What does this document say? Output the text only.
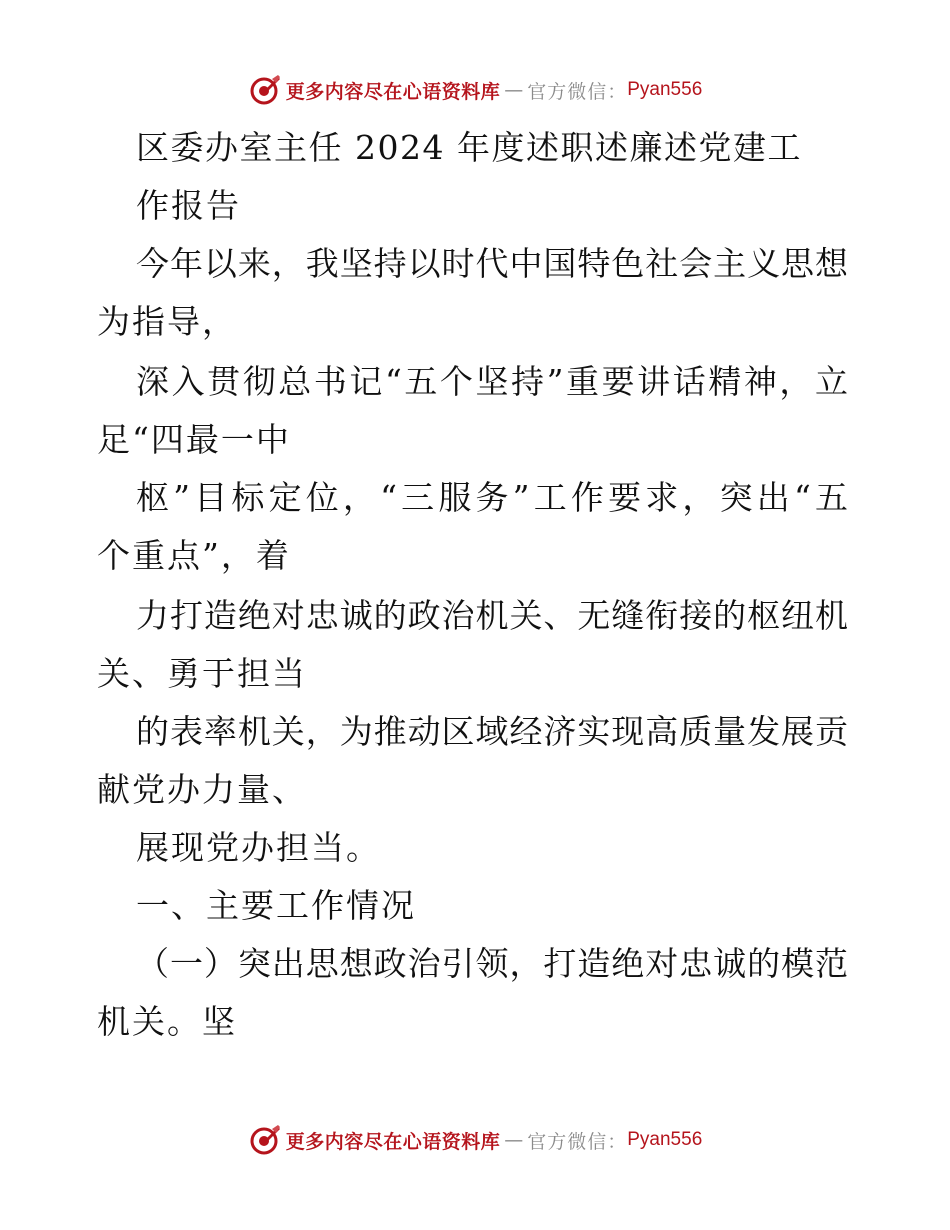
更多内容尽在心语资料库 — 官方微信： Pyan556
区委办室主任 2024 年度述职述廉述党建工
作报告

今年以来，我坚持以时代中国特色社会主义思想

为指导，

深入贯彻总书记“五个坚持”重要讲话精神，立

足“四最一中

枢”目标定位，“三服务”工作要求，突出“五

个重点”，着

力打造绝对忠诚的政治机关、无缝衔接的枢纽机

关、勇于担当

的表率机关，为推动区域经济实现高质量发展贡

献党办力量、

展现党办担当。

一、主要工作情况

（一）突出思想政治引领，打造绝对忠诚的模范

机关。坚

更多内容尽在心语资料库 — 官方微信： Pyan556
